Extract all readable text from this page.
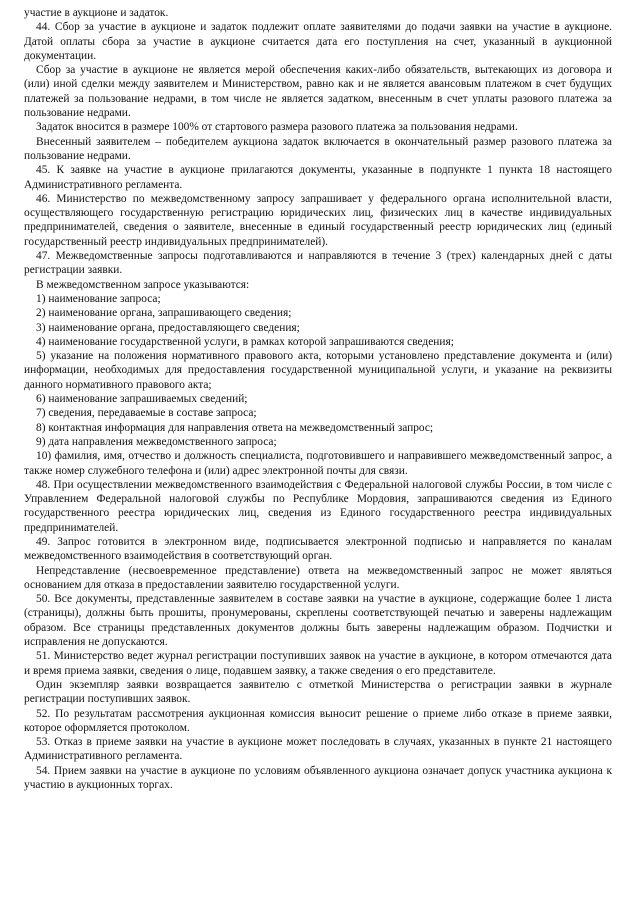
участие в аукционе и задаток.

44. Сбор за участие в аукционе и задаток подлежит оплате заявителями до подачи заявки на участие в аукционе. Датой оплаты сбора за участие в аукционе считается дата его поступления на счет, указанный в аукционной документации.

Сбор за участие в аукционе не является мерой обеспечения каких-либо обязательств, вытекающих из договора и (или) иной сделки между заявителем и Министерством, равно как и не является авансовым платежом в счет будущих платежей за пользование недрами, в том числе не является задатком, внесенным в счет уплаты разового платежа за пользование недрами.

Задаток вносится в размере 100% от стартового размера разового платежа за пользования недрами.

Внесенный заявителем – победителем аукциона задаток включается в окончательный размер разового платежа за пользование недрами.

45. К заявке на участие в аукционе прилагаются документы, указанные в подпункте 1 пункта 18 настоящего Административного регламента.

46. Министерство по межведомственному запросу запрашивает у федерального органа исполнительной власти, осуществляющего государственную регистрацию юридических лиц, физических лиц в качестве индивидуальных предпринимателей, сведения о заявителе, внесенные в единый государственный реестр юридических лиц (единый государственный реестр индивидуальных предпринимателей).

47. Межведомственные запросы подготавливаются и направляются в течение 3 (трех) календарных дней с даты регистрации заявки.

В межведомственном запросе указываются:

1) наименование запроса;

2) наименование органа, запрашивающего сведения;

3) наименование органа, предоставляющего сведения;

4) наименование государственной услуги, в рамках которой запрашиваются сведения;

5) указание на положения нормативного правового акта, которыми установлено представление документа и (или) информации, необходимых для предоставления государственной муниципальной услуги, и указание на реквизиты данного нормативного правового акта;

6) наименование запрашиваемых сведений;

7) сведения, передаваемые в составе запроса;

8) контактная информация для направления ответа на межведомственный запрос;

9) дата направления межведомственного запроса;

10) фамилия, имя, отчество и должность специалиста, подготовившего и направившего межведомственный запрос, а также номер служебного телефона и (или) адрес электронной почты для связи.

48. При осуществлении межведомственного взаимодействия с Федеральной налоговой службы России, в том числе с Управлением Федеральной налоговой службы по Республике Мордовия, запрашиваются сведения из Единого государственного реестра юридических лиц, сведения из Единого государственного реестра индивидуальных предпринимателей.

49. Запрос готовится в электронном виде, подписывается электронной подписью и направляется по каналам межведомственного взаимодействия в соответствующий орган.

Непредставление (несвоевременное представление) ответа на межведомственный запрос не может являться основанием для отказа в предоставлении заявителю государственной услуги.

50. Все документы, представленные заявителем в составе заявки на участие в аукционе, содержащие более 1 листа (страницы), должны быть прошиты, пронумерованы, скреплены соответствующей печатью и заверены надлежащим образом. Все страницы представленных документов должны быть заверены надлежащим образом. Подчистки и исправления не допускаются.

51. Министерство ведет журнал регистрации поступивших заявок на участие в аукционе, в котором отмечаются дата и время приема заявки, сведения о лице, подавшем заявку, а также сведения о его представителе.

Один экземпляр заявки возвращается заявителю с отметкой Министерства о регистрации заявки в журнале регистрации поступивших заявок.

52. По результатам рассмотрения аукционная комиссия выносит решение о приеме либо отказе в приеме заявки, которое оформляется протоколом.

53. Отказ в приеме заявки на участие в аукционе может последовать в случаях, указанных в пункте 21 настоящего Административного регламента.

54. Прием заявки на участие в аукционе по условиям объявленного аукциона означает допуск участника аукциона к участию в аукционных торгах.
